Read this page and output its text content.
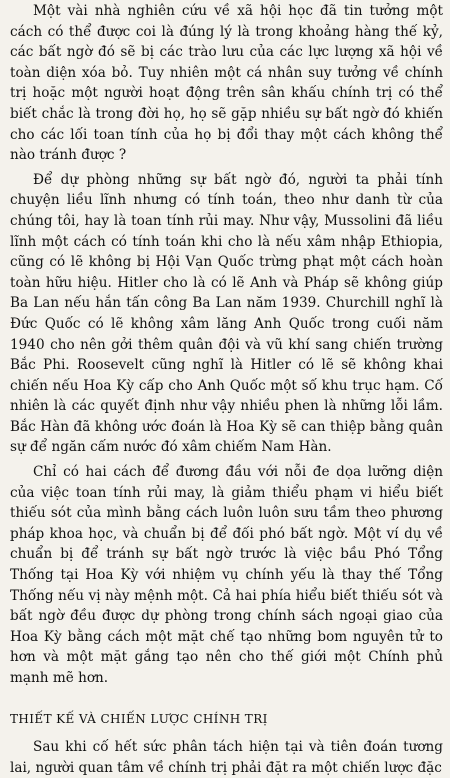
Một vài nhà nghiên cứu về xã hội học đã tin tưởng một cách có thể được coi là đúng lý là trong khoảng hàng thế kỷ, các bất ngờ đó sẽ bị các trào lưu của các lực lượng xã hội về toàn diện xóa bỏ. Tuy nhiên một cá nhân suy tưởng về chính trị hoặc một người hoạt động trên sân khấu chính trị có thể biết chắc là trong đời họ, họ sẽ gặp nhiều sự bất ngờ đó khiến cho các lối toan tính của họ bị đổi thay một cách không thể nào tránh được ?

Để dự phòng những sự bất ngờ đó, người ta phải tính chuyện liều lĩnh nhưng có tính toán, theo như danh từ của chúng tôi, hay là toan tính rủi may. Như vậy, Mussolini đã liều lĩnh một cách có tính toán khi cho là nếu xâm nhập Ethiopia, cũng có lẽ không bị Hội Vạn Quốc trừng phạt một cách hoàn toàn hữu hiệu. Hitler cho là có lẽ Anh và Pháp sẽ không giúp Ba Lan nếu hắn tấn công Ba Lan năm 1939. Churchill nghĩ là Đức Quốc có lẽ không xâm lăng Anh Quốc trong cuối năm 1940 cho nên gởi thêm quân đội và vũ khí sang chiến trường Bắc Phi. Roosevelt cũng nghĩ là Hitler có lẽ sẽ không khai chiến nếu Hoa Kỳ cấp cho Anh Quốc một số khu trục hạm. Cố nhiên là các quyết định như vậy nhiều phen là những lỗi lầm. Bắc Hàn đã không ước đoán là Hoa Kỳ sẽ can thiệp bằng quân sự để ngăn cấm nước đó xâm chiếm Nam Hàn.

Chỉ có hai cách để đương đầu với nỗi đe dọa lưỡng diện của việc toan tính rủi may, là giảm thiểu phạm vi hiểu biết thiếu sót của mình bằng cách luôn luôn sưu tầm theo phương pháp khoa học, và chuẩn bị để đối phó bất ngờ. Một ví dụ về chuẩn bị để tránh sự bất ngờ trước là việc bầu Phó Tổng Thống tại Hoa Kỳ với nhiệm vụ chính yếu là thay thế Tổng Thống nếu vị này mệnh một. Cả hai phía hiểu biết thiếu sót và bất ngờ đều được dự phòng trong chính sách ngoại giao của Hoa Kỳ bằng cách một mặt chế tạo những bom nguyên tử to hơn và một mặt gắng tạo nên cho thế giới một Chính phủ mạnh mẽ hơn.

THIẾT KẾ VÀ CHIẾN LƯỢC CHÍNH TRỊ

Sau khi cố hết sức phân tách hiện tại và tiên đoán tương lai, người quan tâm về chính trị phải đặt ra một chiến lược đặc
